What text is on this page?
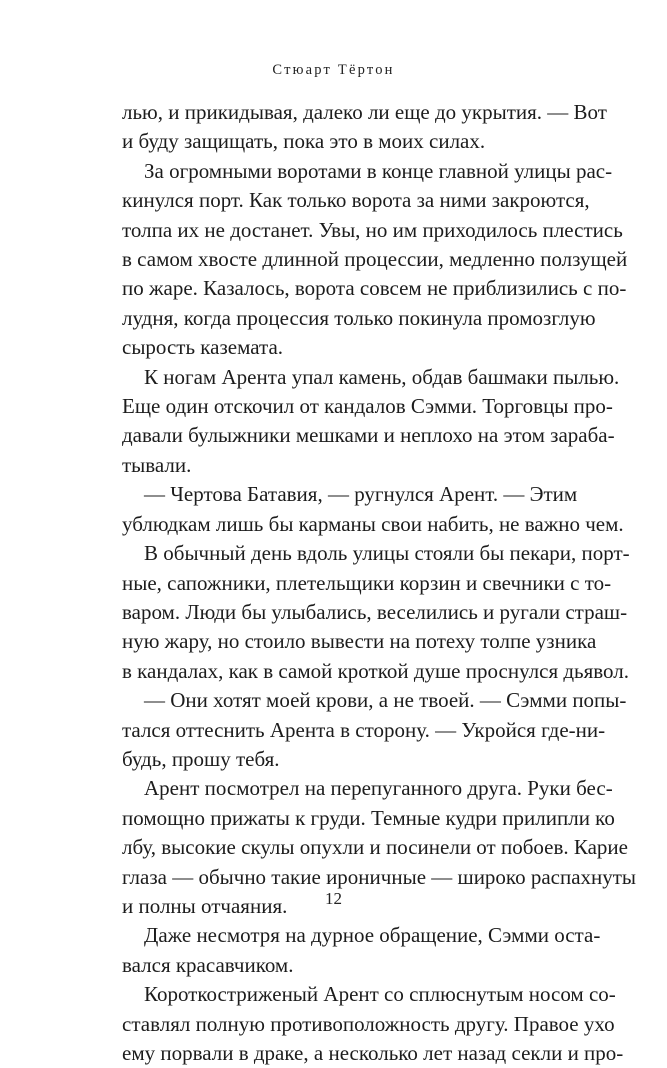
Стюарт Тёртон

лью, и прикидывая, далеко ли еще до укрытия. — Вот
и буду защищать, пока это в моих силах.

За огромными воротами в конце главной улицы рас-
кинулся порт. Как только ворота за ними закроются,
толпа их не достанет. Увы, но им приходилось плестись
в самом хвосте длинной процессии, медленно ползущей
по жаре. Казалось, ворота совсем не приблизились с по-
лудня, когда процессия только покинула промозглую
сырость каземата.

К ногам Арента упал камень, обдав башмаки пылью.
Еще один отскочил от кандалов Сэмми. Торговцы про-
давали булыжники мешками и неплохо на этом зараба-
тывали.

— Чертова Батавия, — ругнулся Арент. — Этим
ублюдкам лишь бы карманы свои набить, не важно чем.

В обычный день вдоль улицы стояли бы пекари, порт-
ные, сапожники, плетельщики корзин и свечники с то-
варом. Люди бы улыбались, веселились и ругали страш-
ную жару, но стоило вывести на потеху толпе узника
в кандалах, как в самой кроткой душе проснулся дьявол.

— Они хотят моей крови, а не твоей. — Сэмми попы-
тался оттеснить Арента в сторону. — Укройся где-ни-
будь, прошу тебя.

Арент посмотрел на перепуганного друга. Руки бес-
помощно прижаты к груди. Темные кудри прилипли ко
лбу, высокие скулы опухли и посинели от побоев. Карие
глаза — обычно такие ироничные — широко распахнуты
и полны отчаяния.

Даже несмотря на дурное обращение, Сэмми оста-
вался красавчиком.

Короткостриженый Арент со сплюснутым носом со-
ставлял полную противоположность другу. Правое ухо
ему порвали в драке, а несколько лет назад секли и про-

12
